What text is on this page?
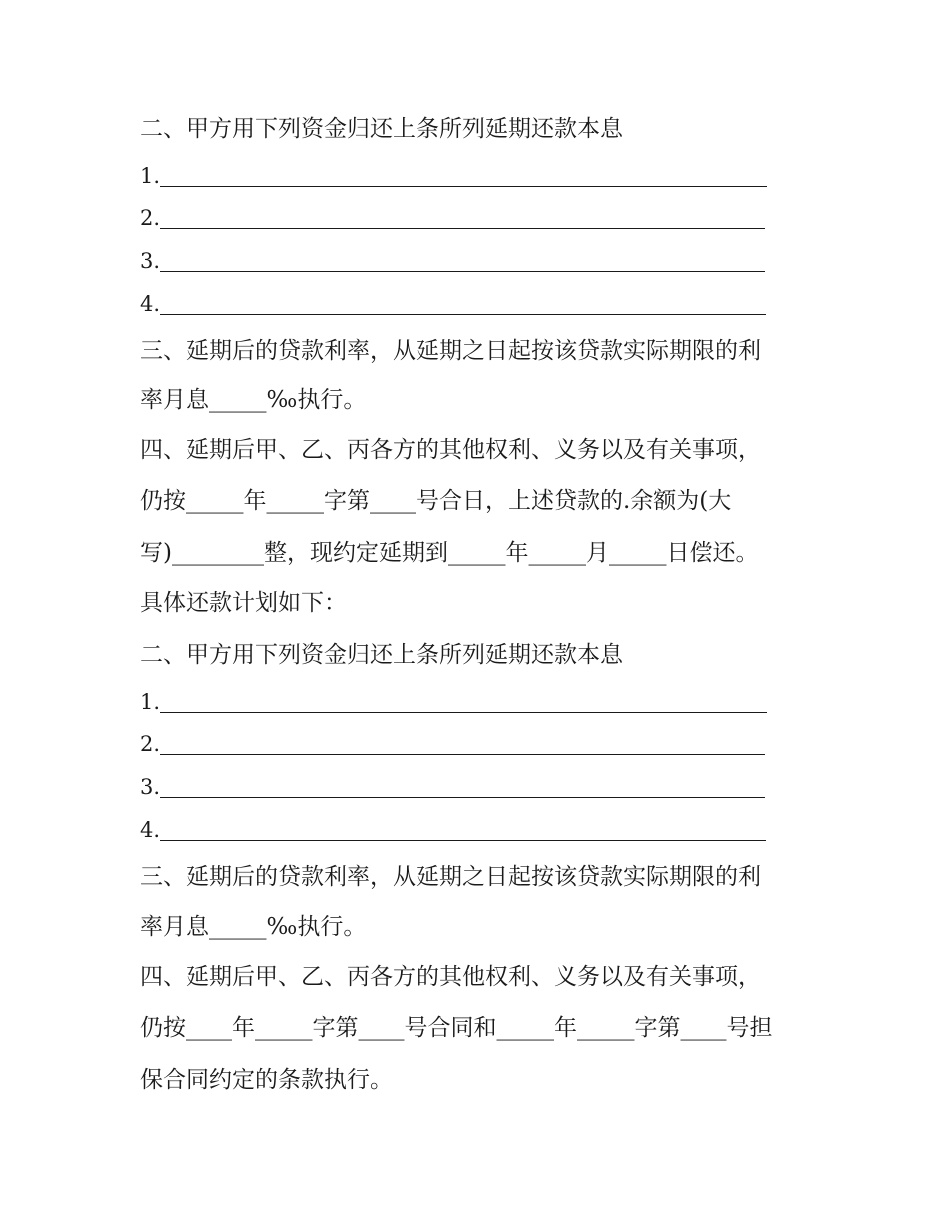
二、甲方用下列资金归还上条所列延期还款本息

1.
2.
3.
4.

三、延期后的贷款利率，从延期之日起按该贷款实际期限的利

率月息_____‰执行。

四、延期后甲、乙、丙各方的其他权利、义务以及有关事项，

仍按_____年_____字第____号合日，上述贷款的.余额为(大

写)________整，现约定延期到_____年_____月_____日偿还。

具体还款计划如下：

二、甲方用下列资金归还上条所列延期还款本息

1.
2.
3.
4.

三、延期后的贷款利率，从延期之日起按该贷款实际期限的利

率月息_____‰执行。

四、延期后甲、乙、丙各方的其他权利、义务以及有关事项，

仍按____年_____字第____号合同和_____年_____字第____号担

保合同约定的条款执行。
